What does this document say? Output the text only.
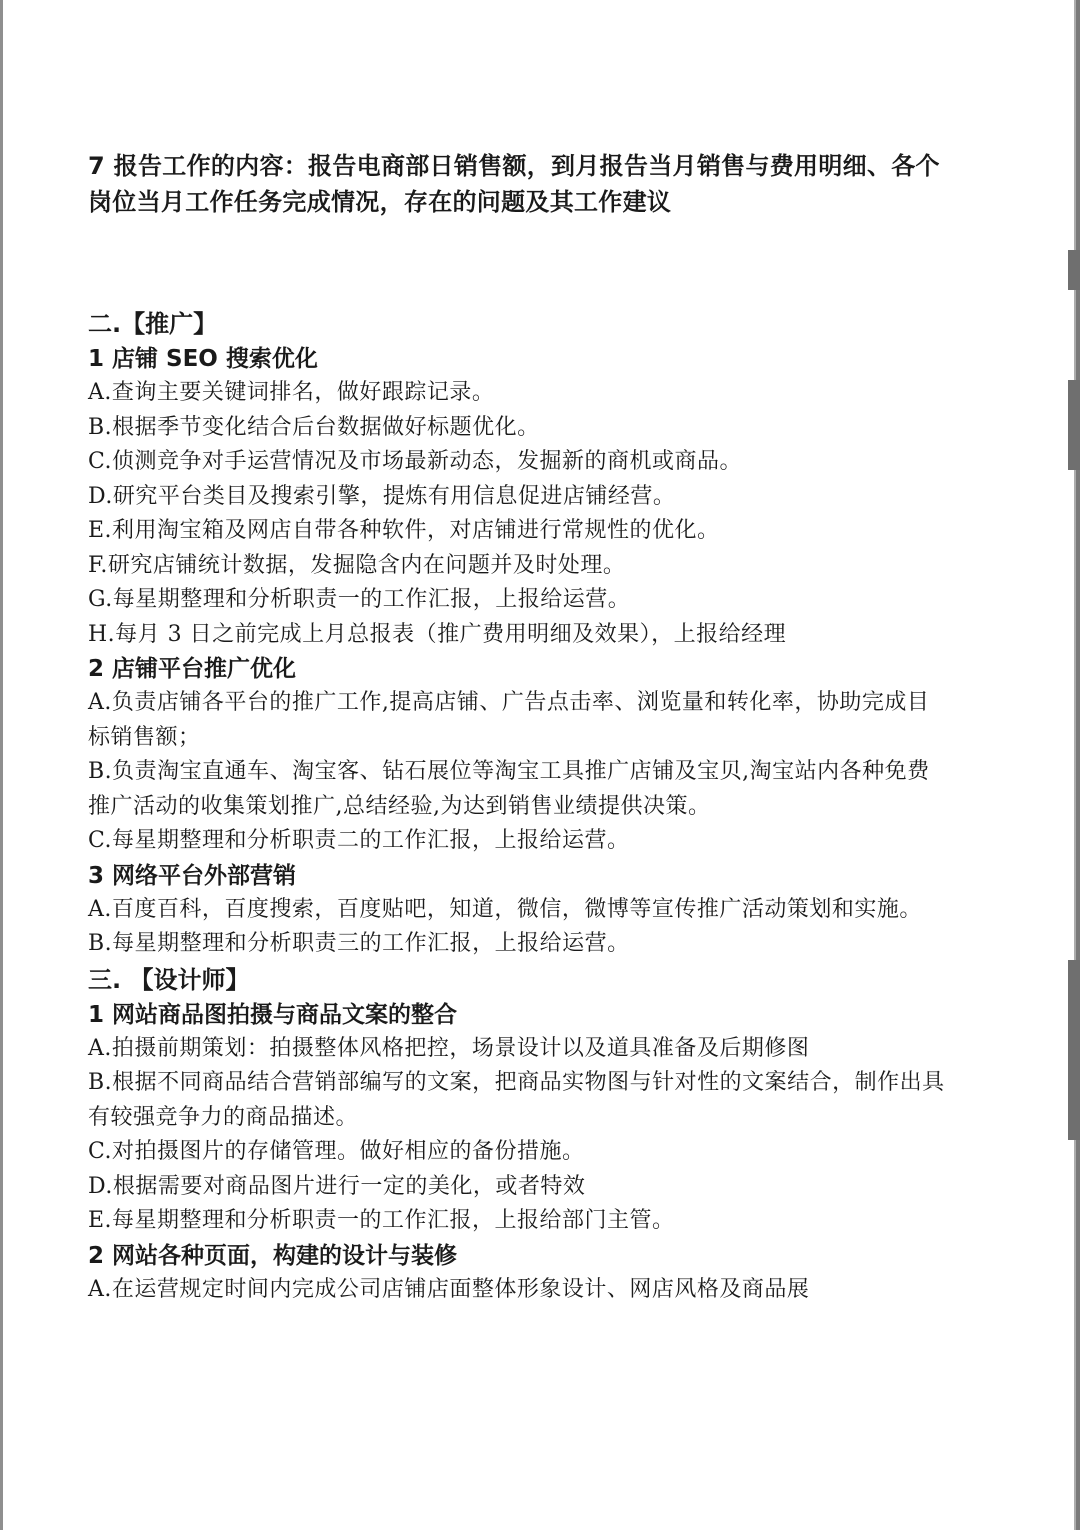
7 报告工作的内容：报告电商部日销售额，到月报告当月销售与费用明细、各个岗位当月工作任务完成情况，存在的问题及其工作建议

二.【推广】

1 店铺 SEO 搜索优化

A.查询主要关键词排名，做好跟踪记录。

B.根据季节变化结合后台数据做好标题优化。

C.侦测竞争对手运营情况及市场最新动态，发掘新的商机或商品。

D.研究平台类目及搜索引擎，提炼有用信息促进店铺经营。

E.利用淘宝箱及网店自带各种软件，对店铺进行常规性的优化。

F.研究店铺统计数据，发掘隐含内在问题并及时处理。

G.每星期整理和分析职责一的工作汇报，上报给运营。

H.每月 3 日之前完成上月总报表（推广费用明细及效果），上报给经理

2 店铺平台推广优化

A.负责店铺各平台的推广工作,提高店铺、广告点击率、浏览量和转化率，协助完成目标销售额；

B.负责淘宝直通车、淘宝客、钻石展位等淘宝工具推广店铺及宝贝,淘宝站内各种免费推广活动的收集策划推广,总结经验,为达到销售业绩提供决策。

C.每星期整理和分析职责二的工作汇报，上报给运营。

3 网络平台外部营销

A.百度百科，百度搜索，百度贴吧，知道，微信，微博等宣传推广活动策划和实施。

B.每星期整理和分析职责三的工作汇报，上报给运营。

三. 【设计师】

1 网站商品图拍摄与商品文案的整合

A.拍摄前期策划：拍摄整体风格把控，场景设计以及道具准备及后期修图

B.根据不同商品结合营销部编写的文案，把商品实物图与针对性的文案结合，制作出具有较强竞争力的商品描述。

C.对拍摄图片的存储管理。做好相应的备份措施。

D.根据需要对商品图片进行一定的美化，或者特效

E.每星期整理和分析职责一的工作汇报，上报给部门主管。

2 网站各种页面，构建的设计与装修

A.在运营规定时间内完成公司店铺店面整体形象设计、网店风格及商品展
